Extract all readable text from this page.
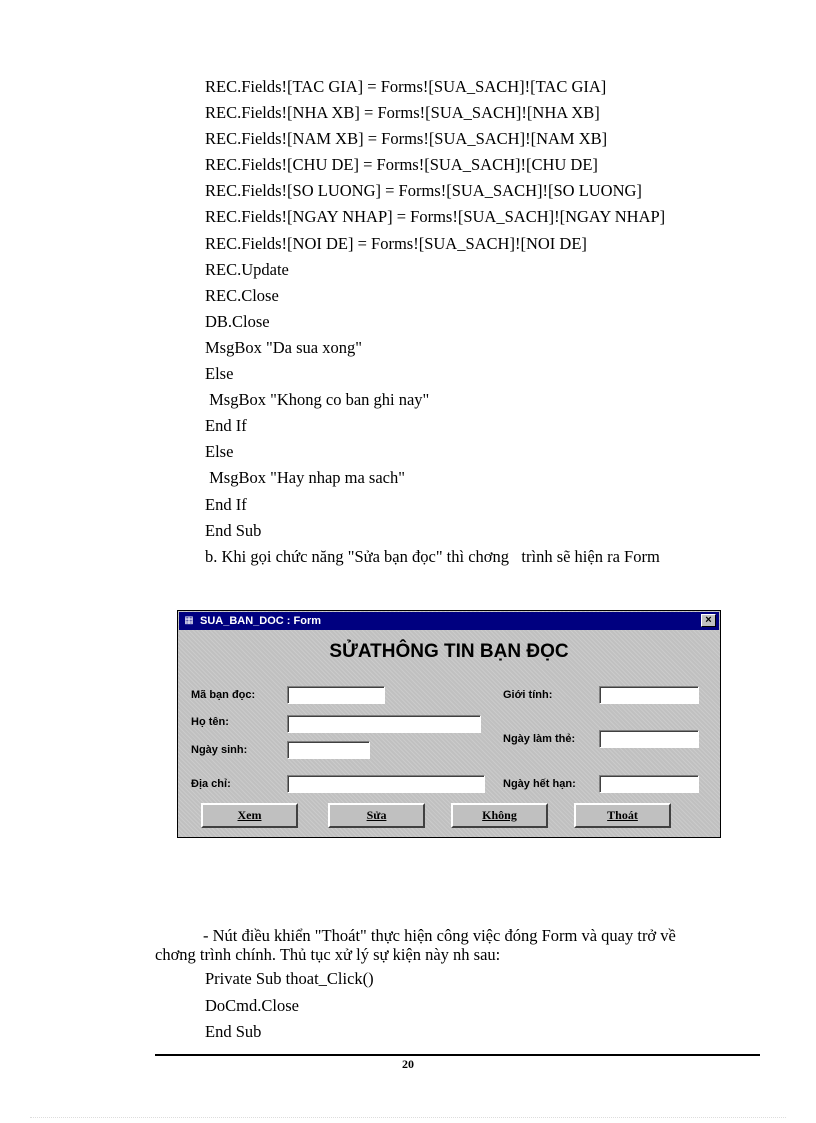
REC.Fields![TAC GIA] = Forms![SUA_SACH]![TAC GIA]
REC.Fields![NHA XB] = Forms![SUA_SACH]![NHA XB]
REC.Fields![NAM XB] = Forms![SUA_SACH]![NAM XB]
REC.Fields![CHU DE] = Forms![SUA_SACH]![CHU DE]
REC.Fields![SO LUONG] = Forms![SUA_SACH]![SO LUONG]
REC.Fields![NGAY NHAP] = Forms![SUA_SACH]![NGAY NHAP]
REC.Fields![NOI DE] = Forms![SUA_SACH]![NOI DE]
REC.Update
REC.Close
DB.Close
MsgBox "Da sua xong"
Else
MsgBox "Khong co ban ghi nay"
End If
Else
MsgBox "Hay nhap ma sach"
End If
End Sub
b. Khi gọi chức năng "Sửa bạn đọc" thì chơng   trình sẽ hiện ra Form
▦ SUA_BAN_DOC : Form	×
SỬATHÔNG TIN BẠN ĐỌC
Mã bạn đọc:
Họ tên:
Ngày sinh:
Địa chỉ:
Giới tính:
Ngày làm thẻ:
Ngày hết hạn:
Xem	Sửa	Không	Thoát
- Nút điều khiển "Thoát" thực hiện công việc đóng Form và quay trở về
chơng trình chính. Thủ tục xử lý sự kiện này nh sau:
Private Sub thoat_Click()
DoCmd.Close
End Sub
20
